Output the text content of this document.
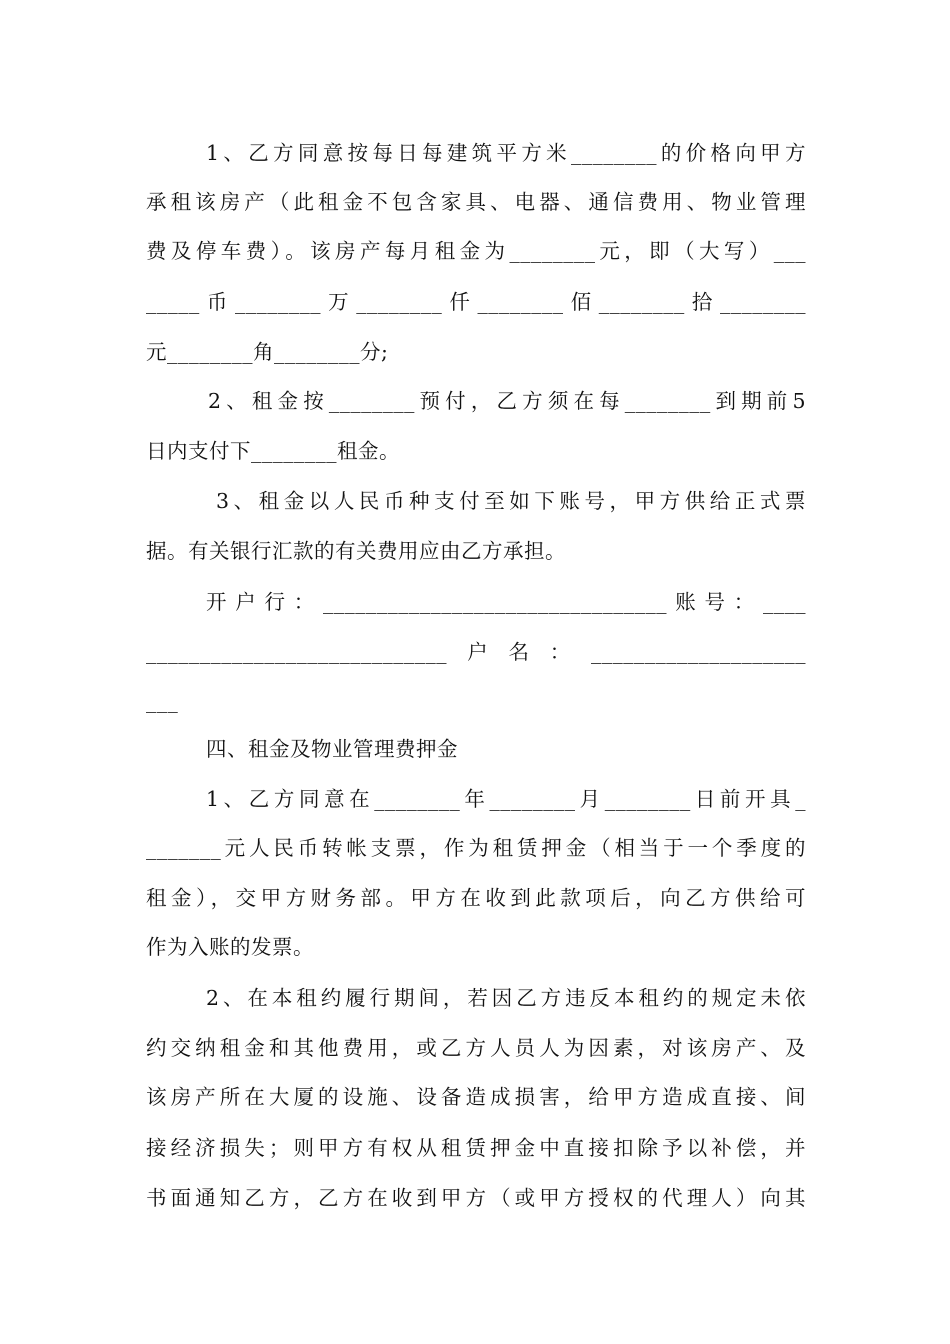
1、乙方同意按每日每建筑平方米________的价格向甲方
承租该房产（此租金不包含家具、电器、通信费用、物业管理
费及停车费）。该房产每月租金为________元，即（大写）___
_____币________万________仟________佰________拾________
元________角________分;
2、租金按________预付，乙方须在每________到期前5
日内支付下________租金。
3、租金以人民币种支付至如下账号，甲方供给正式票
据。有关银行汇款的有关费用应由乙方承担。
开户行：________________________________账号：____
____________________________户名：____________________
___
四、租金及物业管理费押金
1、乙方同意在________年________月________日前开具_
_______元人民币转帐支票，作为租赁押金（相当于一个季度的
租金），交甲方财务部。甲方在收到此款项后，向乙方供给可
作为入账的发票。
2、在本租约履行期间，若因乙方违反本租约的规定未依
约交纳租金和其他费用，或乙方人员人为因素，对该房产、及
该房产所在大厦的设施、设备造成损害，给甲方造成直接、间
接经济损失；则甲方有权从租赁押金中直接扣除予以补偿，并
书面通知乙方，乙方在收到甲方（或甲方授权的代理人）向其
